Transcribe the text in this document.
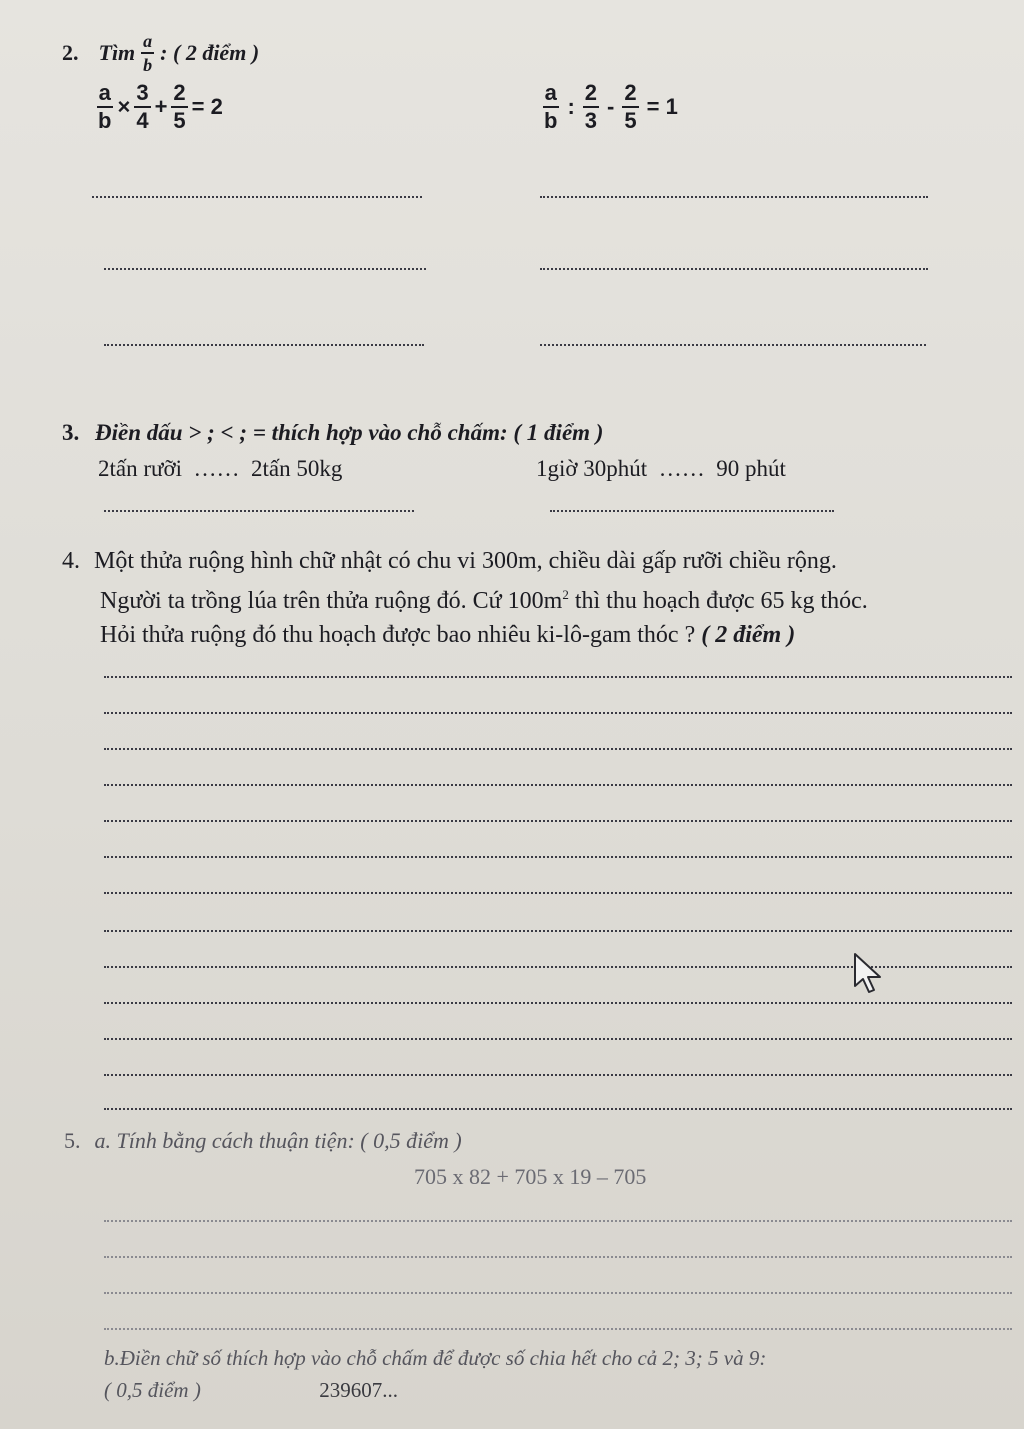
2. Tìm $\frac{a}{b}$ : ( 2 điểm )
$\frac{a}{b} \times \frac{3}{4} + \frac{2}{5} = 2$	$\frac{a}{b}$ : $\frac{2}{3} - \frac{2}{5} = 1$
3. Điền dấu > ; < ; = thích hợp vào chỗ chấm: ( 1 điểm )
2tấn rưỡi  ……  2tấn 50kg	1giờ 30phút  ……  90 phút
4. Một thửa ruộng hình chữ nhật có chu vi 300m, chiều dài gấp rưỡi chiều rộng.
Người ta trồng lúa trên thửa ruộng đó. Cứ $100m^2$ thì thu hoạch được 65 kg thóc.
Hỏi thửa ruộng đó thu hoạch được bao nhiêu ki-lô-gam thóc ? ( 2 điểm )
5. a. Tính bằng cách thuận tiện: ( 0,5 điểm )
705 x 82 + 705 x 19 – 705
b.Điền chữ số thích hợp vào chỗ chấm để được số chia hết cho cả 2; 3; 5 và 9:
( 0,5 điểm )	239607...
